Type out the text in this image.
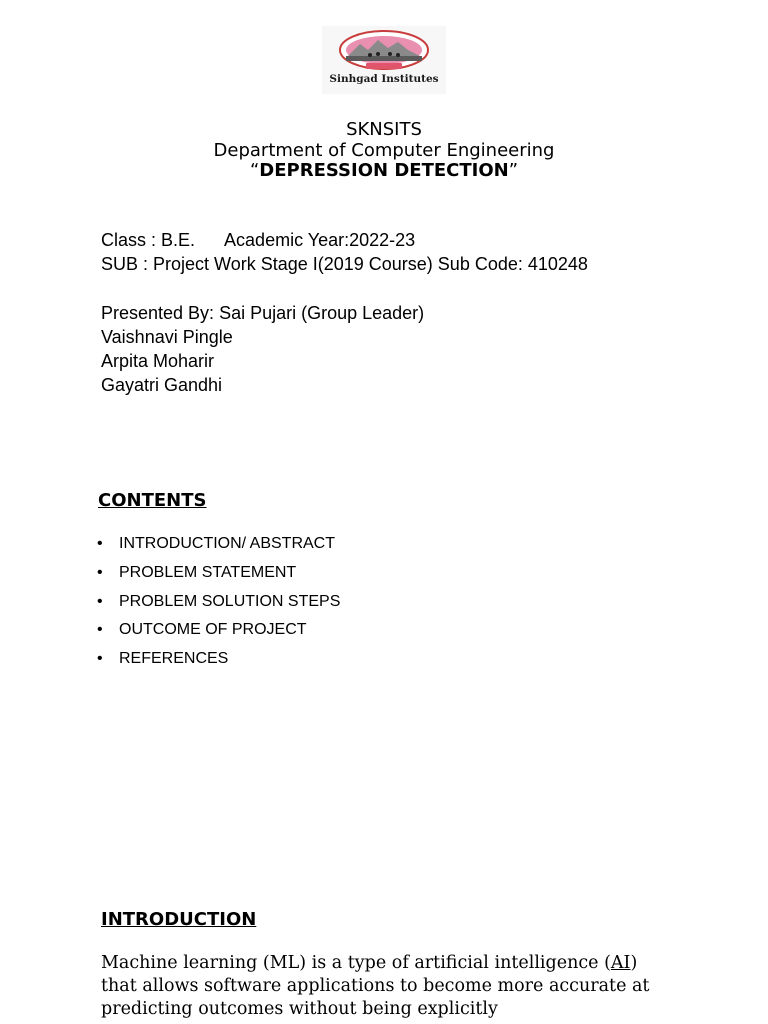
Sinhgad Institutes
SKNSITS
Department of Computer Engineering
“DEPRESSION DETECTION”
Class : B.E.      Academic Year:2022-23
SUB : Project Work Stage I(2019 Course) Sub Code: 410248
Presented By: Sai Pujari (Group Leader)
Vaishnavi Pingle
Arpita Moharir
Gayatri Gandhi
CONTENTS
• INTRODUCTION/ ABSTRACT
• PROBLEM STATEMENT
• PROBLEM SOLUTION STEPS
• OUTCOME OF PROJECT
• REFERENCES
INTRODUCTION
Machine learning (ML) is a type of artificial intelligence (AI) that allows software applications to become more accurate at predicting outcomes without being explicitly
